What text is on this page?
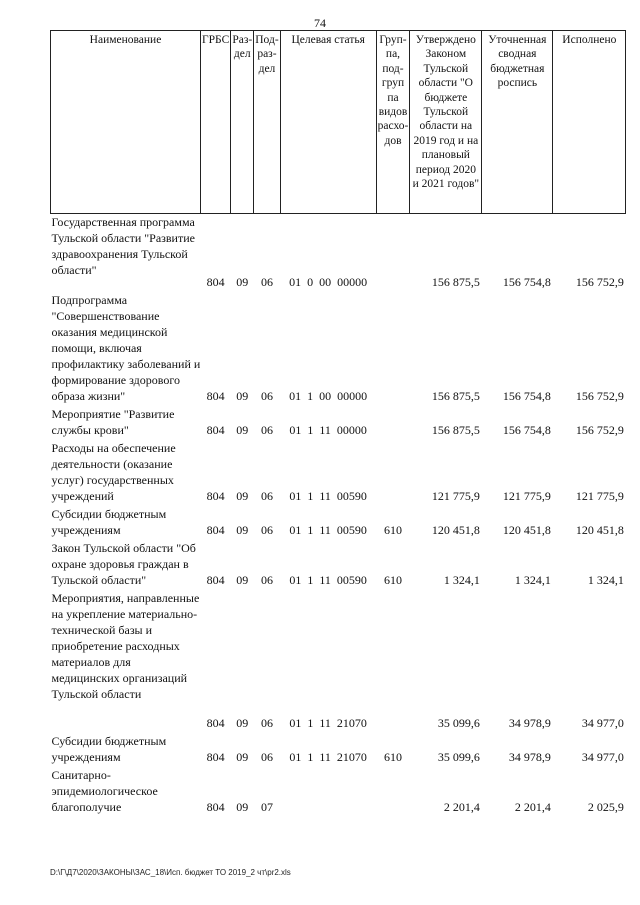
74
Наименование	ГРБС	Раз-дел	Под-раз-дел	Целевая статья	Груп-па, под-груп па видов расхо-дов	Утверждено Законом Тульской области "О бюджете Тульской области на 2019 год и на плановый период 2020 и 2021 годов"	Уточненная сводная бюджетная роспись	Исполнено
Государственная программа Тульской области "Развитие здравоохранения Тульской области"	804	09	06	01  0  00  00000		156 875,5	156 754,8	156 752,9
Подпрограмма "Совершенствование оказания медицинской помощи, включая профилактику заболеваний и формирование здорового образа жизни"	804	09	06	01  1  00  00000		156 875,5	156 754,8	156 752,9
Мероприятие "Развитие службы крови"	804	09	06	01  1  11  00000		156 875,5	156 754,8	156 752,9
Расходы на обеспечение деятельности (оказание услуг) государственных учреждений	804	09	06	01  1  11  00590		121 775,9	121 775,9	121 775,9
Субсидии бюджетным учреждениям	804	09	06	01  1  11  00590	610	120 451,8	120 451,8	120 451,8
Закон Тульской области "Об охране здоровья граждан в Тульской области"	804	09	06	01  1  11  00590	610	1 324,1	1 324,1	1 324,1
Мероприятия, направленные на укрепление материально-технической базы и приобретение расходных материалов для медицинских организаций Тульской области	804	09	06	01  1  11  21070		35 099,6	34 978,9	34 977,0
Субсидии бюджетным учреждениям	804	09	06	01  1  11  21070	610	35 099,6	34 978,9	34 977,0
Санитарно-эпидемиологическое благополучие	804	09	07			2 201,4	2 201,4	2 025,9
D:\Г\Д7\2020\ЗАКОНЫ\ЗАС_18\Исп. бюджет ТО 2019_2 чт\pr2.xls
